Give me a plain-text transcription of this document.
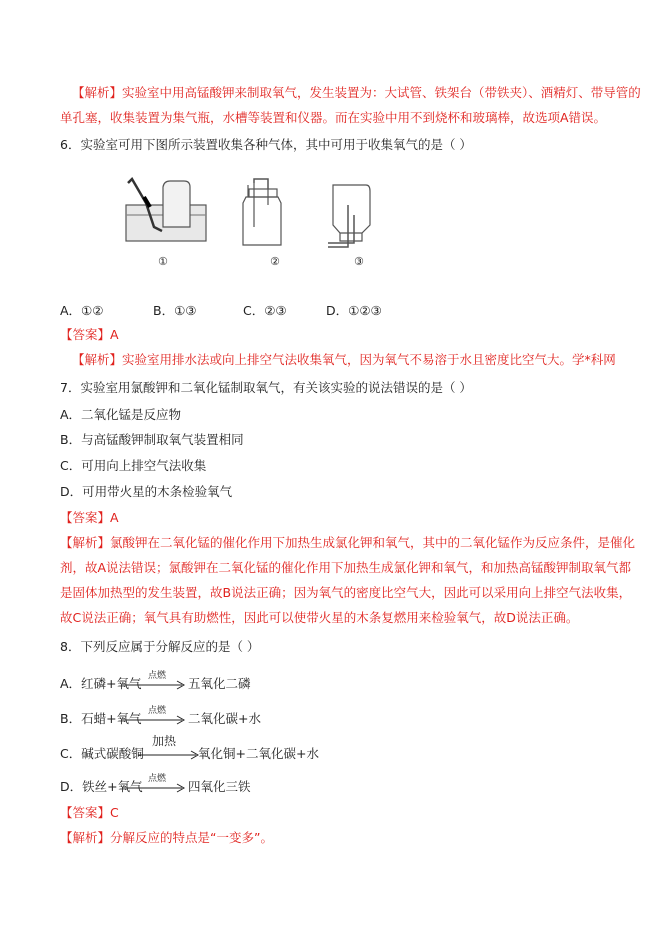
【解析】实验室中用高锰酸钾来制取氧气，发生装置为：大试管、铁架台（带铁夹）、酒精灯、带导管的
单孔塞，收集装置为集气瓶，水槽等装置和仪器。而在实验中用不到烧杯和玻璃棒，故选项A错误。
6．实验室可用下图所示装置收集各种气体，其中可用于收集氧气的是（ ）
①	②	③
A．①②	B．①③	C．②③	D．①②③
【答案】A
【解析】实验室用排水法或向上排空气法收集氧气，因为氧气不易溶于水且密度比空气大。学*科网
7．实验室用氯酸钾和二氧化锰制取氧气，有关该实验的说法错误的是（ ）
A．二氧化锰是反应物
B．与高锰酸钾制取氧气装置相同
C．可用向上排空气法收集
D．可用带火星的木条检验氧气
【答案】A
【解析】氯酸钾在二氧化锰的催化作用下加热生成氯化钾和氧气，其中的二氧化锰作为反应条件，是催化
剂，故A说法错误；氯酸钾在二氧化锰的催化作用下加热生成氯化钾和氧气，和加热高锰酸钾制取氧气都
是固体加热型的发生装置，故B说法正确；因为氧气的密度比空气大，因此可以采用向上排空气法收集，
故C说法正确；氧气具有助燃性，因此可以使带火星的木条复燃用来检验氧气，故D说法正确。
8．下列反应属于分解反应的是（ ）
A．红磷+氧气 点燃 → 五氧化二磷
B．石蜡+氧气 点燃 → 二氧化碳+水
C．碱式碳酸铜
加热
氧化铜+二氧化碳+水
D．铁丝+氧气 点燃 → 四氧化三铁
【答案】C
【解析】分解反应的特点是“一变多”。
